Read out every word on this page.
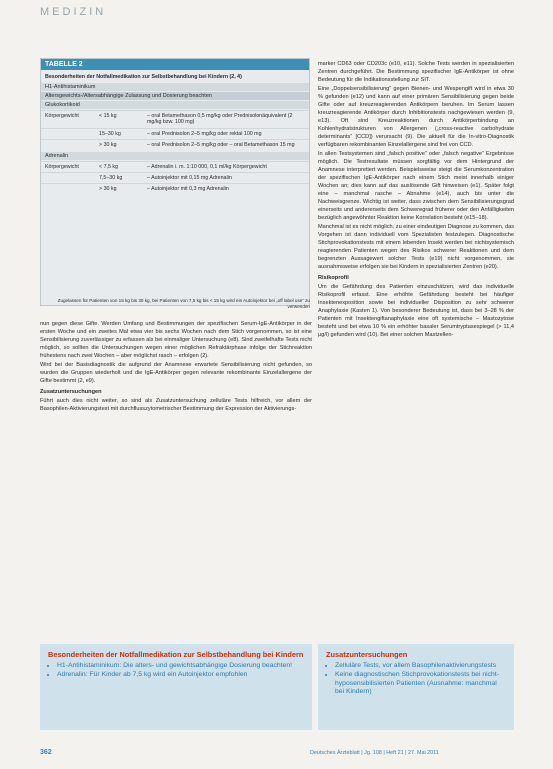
MEDIZIN
TABELLE 2
Besonderheiten der Notfallmedikation zur Selbstbehandlung bei Kindern (2, 4)
H1-Antihistaminikum
Altersgewichts-/Altersabhängige Zulassung und Dosierung beachten
Glukokortikoid
Körpergewicht	< 15 kg	– oral Betamethason 0,5 mg/kg oder Prednisolonäquivalent (2 mg/kg bzw. 100 mg)
15–30 kg	– oral Prednisolon 2–5 mg/kg oder rektal 100 mg
> 30 kg	– oral Prednisolon 2–5 mg/kg oder – oral Betamethason 15 mg
Adrenalin
Körpergewicht	< 7,5 kg	– Adrenalin i. m. 1:10 000, 0,1 ml/kg Körpergewicht
7,5–30 kg	– Autoinjektor mit 0,15 mg Adrenalin
> 30 kg	– Autoinjektor mit 0,3 mg Adrenalin
Zugelassen für Patienten von 15 kg bis 30 kg, bei Patienten von 7,5 kg bis < 15 kg wird ein Autoinjektor bei „off label use“ zu verwenden

nun gegen diese Gifte. Werden Umfang und Bestimmungen der spezifischen Serum-IgE-Antikörper in der ersten Woche und ein zweites Mal etwa vier bis sechs Wochen nach dem Stich vorgenommen, so ist eine Sensibilisierung zuverlässiger zu erfassen als bei einmaliger Untersuchung (e8). Sind zweifelhafte Tests nicht möglich, so sollten die Untersuchungen wegen einer möglichen Refraktärphase infolge der Stichreaktion frühestens nach zwei Wochen – aber möglichst rasch – erfolgen (2).

Wird bei der Basisdiagnostik die aufgrund der Anamnese erwartete Sensibilisierung nicht gefunden, so wurden die Gruppen wiederholt und die IgE-Antikörper gegen relevante rekombinante Einzelallergene der Gifte bestimmt (2, e9).

Zusatzuntersuchungen

Führt auch dies nicht weiter, so sind als Zusatzuntersuchung zelluläre Tests hilfreich, vor allem der Basophilen-Aktivierungstest mit durchflusszytometrischer Bestimmung der Expression der Aktivierungs-

marker CD63 oder CD203c (e10, e11). Solche Tests werden in spezialisierten Zentren durchgeführt. Die Bestimmung spezifischer IgE-Antikörper ist ohne Bedeutung für die Indikationsstellung zur SIT.

Eine „Doppelsensibilisierung“ gegen Bienen- und Wespengift wird in etwa 30 % gefunden (e12) und kann auf einer primären Sensibilisierung gegen beide Gifte oder auf kreuzreagierenden Antikörpern beruhen. Im Serum lassen kreuzreagierende Antikörper durch Inhibitionstests nachgewiesen werden (9, e13). Oft sind Kreuzreaktionen durch Antikörperbindung an Kohlenhydratstrukturen von Allergenen („cross-reactive carbohydrate determinants“ [CCD]) verursacht (9). Die aktuell für die In-vitro-Diagnostik verfügbaren rekombinanten Einzelallergene sind frei von CCD.

In allen Testsystemen sind „falsch positive“ oder „falsch negative“ Ergebnisse möglich. Die Testresultate müssen sorgfältig vor dem Hintergrund der Anamnese interpretiert werden. Beispielsweise steigt die Serumkonzentration der spezifischen IgE-Antikörper nach einem Stich meist innerhalb einiger Wochen an; dies kann auf das auslösende Gift hinweisen (e1). Später folgt eine – manchmal rasche – Abnahme (e14), auch bis unter die Nachweisgrenze. Wichtig ist weiter, dass zwischen dem Sensibilisierungsgrad einerseits und andererseits dem Schweregrad früherer oder den Anfälligkeiten bezüglich angewöhnter Reaktion keine Korrelation besteht (e15–18).

Manchmal ist es nicht möglich, zu einer eindeutigen Diagnose zu kommen, das Vorgehen ist dann individuell vom Spezialisten festzulegen. Diagnostische Stichprovokationstests mit einem lebenden Insekt werden bei nichtsystemisch reagierenden Patienten wegen des Risikos schwerer Reaktionen und dem begrenzten Aussagewert solcher Tests (e19) nicht vorgenommen, sie ausnahmsweise erfolgen sie bei Kindern in spezialisierten Zentren (e20).

Risikoprofil

Um die Gefährdung des Patienten einzuschätzen, wird das individuelle Risikoprofil erfasst. Eine erhöhte Gefährdung besteht bei häufiger Insektenexposition sowie bei individueller Disposition zu sehr schwerer Anaphylaxie (Kasten 1). Von besonderer Bedeutung ist, dass bei 3–28 % der Patienten mit Insektengiftanaphylaxie eine oft systemische – Mastozytose besteht und bei etwa 10 % ein erhöhter basaler Serumtryptasespiegel (> 11,4 µg/l) gefunden wird (10). Bei einer solchen Mastzellen-

Besonderheiten der Notfallmedikation zur Selbstbehandlung bei Kindern
• H1-Antihistaminikum: Die alters- und gewichtsabhängige Dosierung beachten!
• Adrenalin: Für Kinder ab 7,5 kg wird ein Autoinjektor empfohlen
Zusatzuntersuchungen
• Zelluläre Tests, vor allem Basophilenaktivierungstests
• Keine diagnostischen Stichprovokationstests bei nicht-hyposensibilisierten Patienten (Ausnahme: manchmal bei Kindern)
362	Deutsches Ärzteblatt | Jg. 108 | Heft 21 | 27. Mai 2011
